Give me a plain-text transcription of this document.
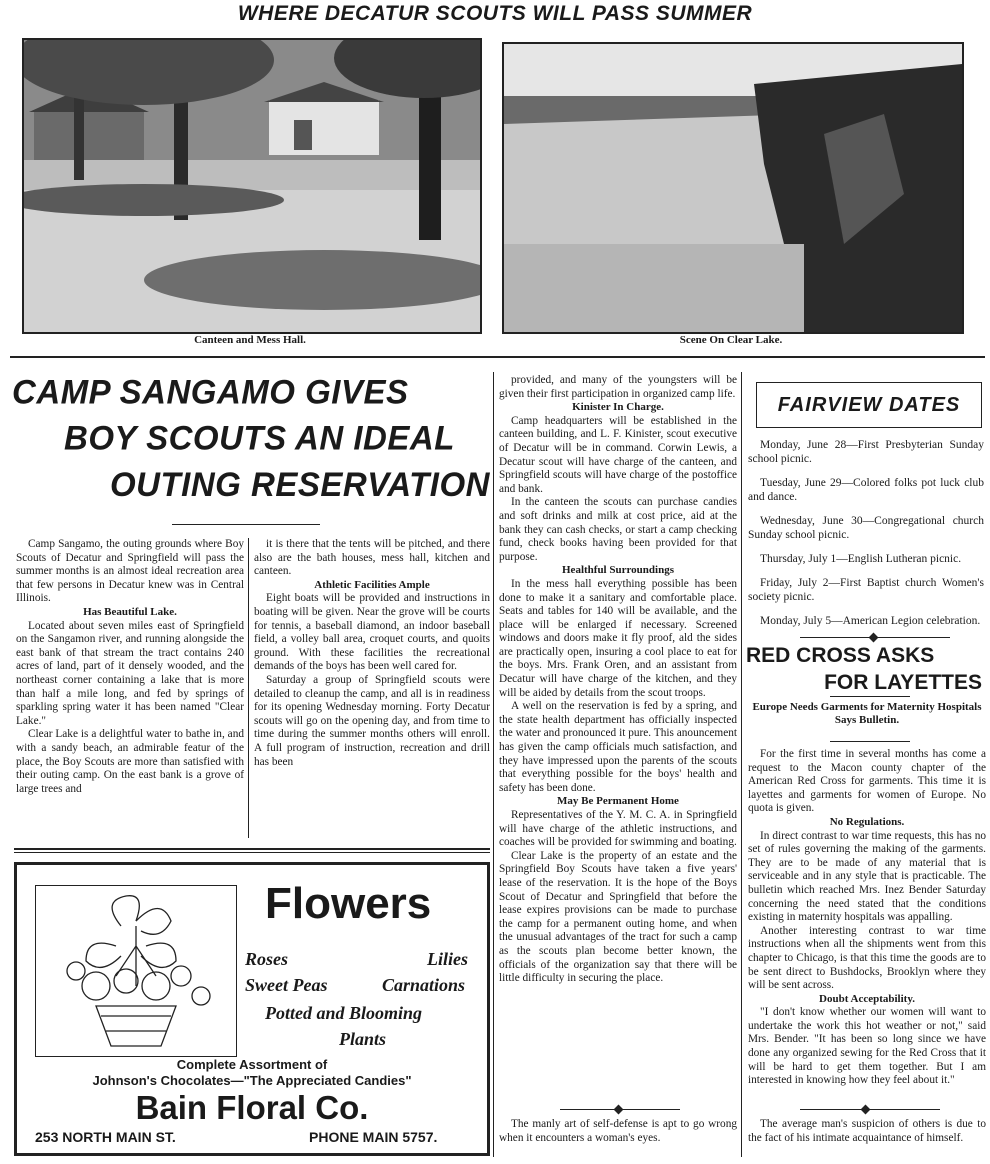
WHERE DECATUR SCOUTS WILL PASS SUMMER
Canteen and Mess Hall.	Scene On Clear Lake.
CAMP SANGAMO GIVES
BOY SCOUTS AN IDEAL
OUTING RESERVATION

Camp Sangamo, the outing grounds where Boy Scouts of Decatur and Springfield will pass the summer months is an almost ideal recreation area that few persons in Decatur knew was in Central Illinois.

Has Beautiful Lake.

Located about seven miles east of Springfield on the Sangamon river, and running alongside the east bank of that stream the tract contains 240 acres of land, part of it densely wooded, and the northeast corner containing a lake that is more than half a mile long, and fed by springs of sparkling spring water it has been named "Clear Lake."

Clear Lake is a delightful water to bathe in, and with a sandy beach, an admirable featur of the place, the Boy Scouts are more than satisfied with their outing camp. On the east bank is a grove of large trees and

it is there that the tents will be pitched, and there also are the bath houses, mess hall, kitchen and canteen.

Athletic Facilities Ample

Eight boats will be provided and instructions in boating will be given. Near the grove will be courts for tennis, a baseball diamond, an indoor baseball field, a volley ball area, croquet courts, and quoits ground. With these facilities the recreational demands of the boys has been well cared for.

Saturday a group of Springfield scouts were detailed to cleanup the camp, and all is in readiness for its opening Wednesday morning. Forty Decatur scouts will go on the opening day, and from time to time during the summer months others will enroll. A full program of instruction, recreation and drill has been

provided, and many of the youngsters will be given their first participation in organized camp life.

Kinister In Charge.

Camp headquarters will be established in the canteen building, and L. F. Kinister, scout executive of Decatur will be in command. Corwin Lewis, a Decatur scout will have charge of the canteen, and Springfield scouts will have charge of the postoffice and bank.

In the canteen the scouts can purchase candies and soft drinks and milk at cost price, aid at the bank they can cash checks, or start a camp checking fund, check books having been provided for that purpose.

Healthful Surroundings

In the mess hall everything possible has been done to make it a sanitary and comfortable place. Seats and tables for 140 will be available, and the place will be enlarged if necessary. Screened windows and doors make it fly proof, ald the sides are practically open, insuring a cool place to eat for the boys. Mrs. Frank Oren, and an assistant from Decatur will have charge of the kitchen, and they will be aided by details from the scout troops.

A well on the reservation is fed by a spring, and the state health department has officially inspected the water and pronounced it pure. This anouncement has given the camp officials much satisfaction, and they have impressed upon the parents of the scouts that everything possible for the boys' health and safety has been done.

May Be Permanent Home

Representatives of the Y. M. C. A. in Springfield will have charge of the athletic instructions, and coaches will be provided for swimming and boating.

Clear Lake is the property of an estate and the Springfield Boy Scouts have taken a five years' lease of the reservation. It is the hope of the Boys Scout of Decatur and Springfield that before the lease expires provisions can be made to purchase the camp for a permanent outing home, and when the unusual advantages of the tract for such a camp as the scouts plan become better known, the officials of the organization say that there will be little difficulty in securing the place.

The manly art of self-defense is apt to go wrong when it encounters a woman's eyes.

FAIRVIEW DATES

Monday, June 28—First Presbyterian Sunday school picnic.

Tuesday, June 29—Colored folks pot luck club and dance.

Wednesday, June 30—Congregational church Sunday school picnic.

Thursday, July 1—English Lutheran picnic.

Friday, July 2—First Baptist church Women's society picnic.

Monday, July 5—American Legion celebration.

RED CROSS ASKS
FOR LAYETTES

Europe Needs Garments for Maternity Hospitals Says Bulletin.

For the first time in several months has come a request to the Macon county chapter of the American Red Cross for garments. This time it is layettes and garments for women of Europe. No quota is given.

No Regulations.

In direct contrast to war time requests, this has no set of rules governing the making of the garments. They are to be made of any material that is serviceable and in any style that is practicable. The bulletin which reached Mrs. Inez Bender Saturday concerning the need stated that the conditions existing in maternity hospitals was appalling.

Another interesting contrast to war time instructions when all the shipments went from this chapter to Chicago, is that this time the goods are to be sent direct to Bushdocks, Brooklyn where they will be sent across.

Doubt Acceptability.

"I don't know whether our women will want to undertake the work this hot weather or not," said Mrs. Bender. "It has been so long since we have done any organized sewing for the Red Cross that it will be hard to get them together. But I am interested in knowing how they feel about it."

The average man's suspicion of others is due to the fact of his intimate acquaintance of himself.

Flowers
Roses	Lilies
Sweet Peas	Carnations
Potted and Blooming
Plants
Complete Assortment of
Johnson's Chocolates—"The Appreciated Candies"
Bain Floral Co.
253 NORTH MAIN ST.	PHONE MAIN 5757.
